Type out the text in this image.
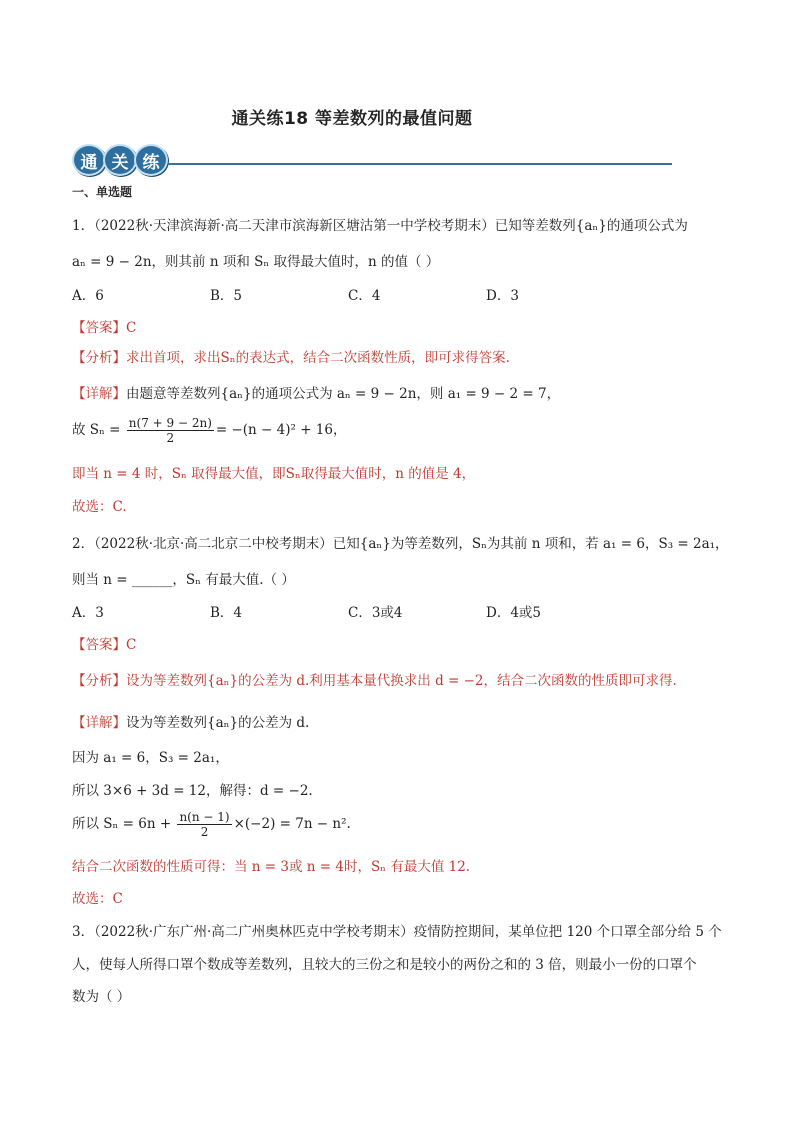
通关练18 等差数列的最值问题
通 关 练
一、单选题
1．（2022秋·天津滨海新·高二天津市滨海新区塘沽第一中学校考期末）已知等差数列{aₙ}的通项公式为
aₙ = 9 − 2n，则其前 n 项和 Sₙ 取得最大值时，n 的值（ ）
A．6	B．5	C．4	D．3
【答案】C
【分析】求出首项，求出Sₙ的表达式，结合二次函数性质，即可求得答案.
【详解】由题意等差数列{aₙ}的通项公式为 aₙ = 9 − 2n，则 a₁ = 9 − 2 = 7，
故 $S_n = \frac{n(7 + 9 - 2n)}{2} = -(n - 4)^2 + 16$，
即当 n = 4 时，Sₙ 取得最大值，即Sₙ取得最大值时，n 的值是 4，
故选：C.
2．（2022秋·北京·高二北京二中校考期末）已知{aₙ}为等差数列，Sₙ为其前 n 项和，若 a₁ = 6，S₃ = 2a₁，
则当 n = ______，Sₙ 有最大值.（ ）
A．3	B．4	C．3或4	D．4或5
【答案】C
【分析】设为等差数列{aₙ}的公差为 d.利用基本量代换求出 d = −2，结合二次函数的性质即可求得.
【详解】设为等差数列{aₙ}的公差为 d.
因为 a₁ = 6，S₃ = 2a₁，
所以 3×6 + 3d = 12，解得：d = −2.
所以 $S_n = 6n + \frac{n(n - 1)}{2} \times(-2) = 7n - n^2$.
结合二次函数的性质可得：当 n = 3或 n = 4时，Sₙ 有最大值 12.
故选：C
3．（2022秋·广东广州·高二广州奥林匹克中学校考期末）疫情防控期间，某单位把 120 个口罩全部分给 5 个
人，使每人所得口罩个数成等差数列，且较大的三份之和是较小的两份之和的 3 倍，则最小一份的口罩个
数为（ ）
